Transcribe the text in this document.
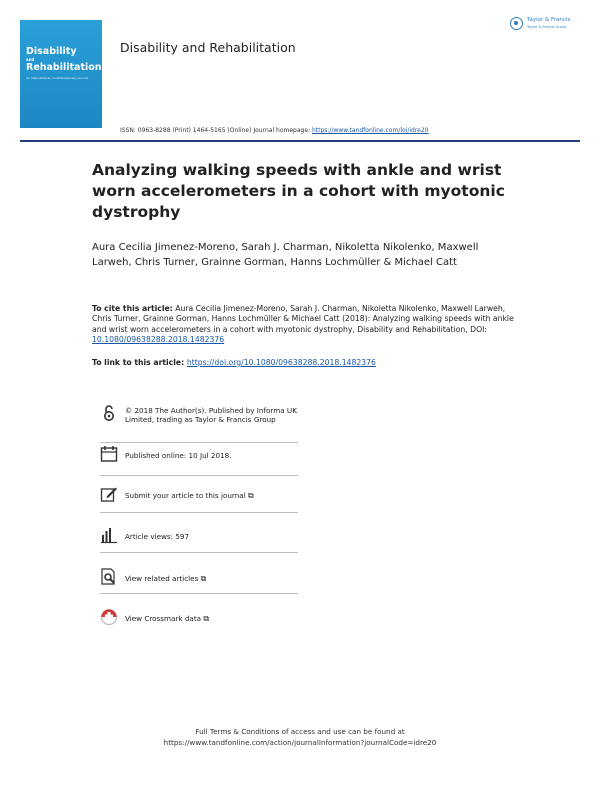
Disability
and
Rehabilitation
An international, multidisciplinary journal
Disability and Rehabilitation
Taylor & Francis
Taylor & Francis Group
ISSN: 0963-8288 (Print) 1464-5165 (Online) Journal homepage: https://www.tandfonline.com/loi/idre20
Analyzing walking speeds with ankle and wrist worn accelerometers in a cohort with myotonic dystrophy
Aura Cecilia Jimenez-Moreno, Sarah J. Charman, Nikoletta Nikolenko, Maxwell Larweh, Chris Turner, Grainne Gorman, Hanns Lochmüller & Michael Catt
To cite this article: Aura Cecilia Jimenez-Moreno, Sarah J. Charman, Nikoletta Nikolenko, Maxwell Larweh, Chris Turner, Grainne Gorman, Hanns Lochmüller & Michael Catt (2018): Analyzing walking speeds with ankle and wrist worn accelerometers in a cohort with myotonic dystrophy, Disability and Rehabilitation, DOI: 10.1080/09638288.2018.1482376
To link to this article: https://doi.org/10.1080/09638288.2018.1482376
© 2018 The Author(s). Published by Informa UK Limited, trading as Taylor & Francis Group
Published online: 10 Jul 2018.
Submit your article to this journal ⧉
Article views: 597
View related articles ⧉
View Crossmark data ⧉
Full Terms & Conditions of access and use can be found at
https://www.tandfonline.com/action/journalInformation?journalCode=idre20
